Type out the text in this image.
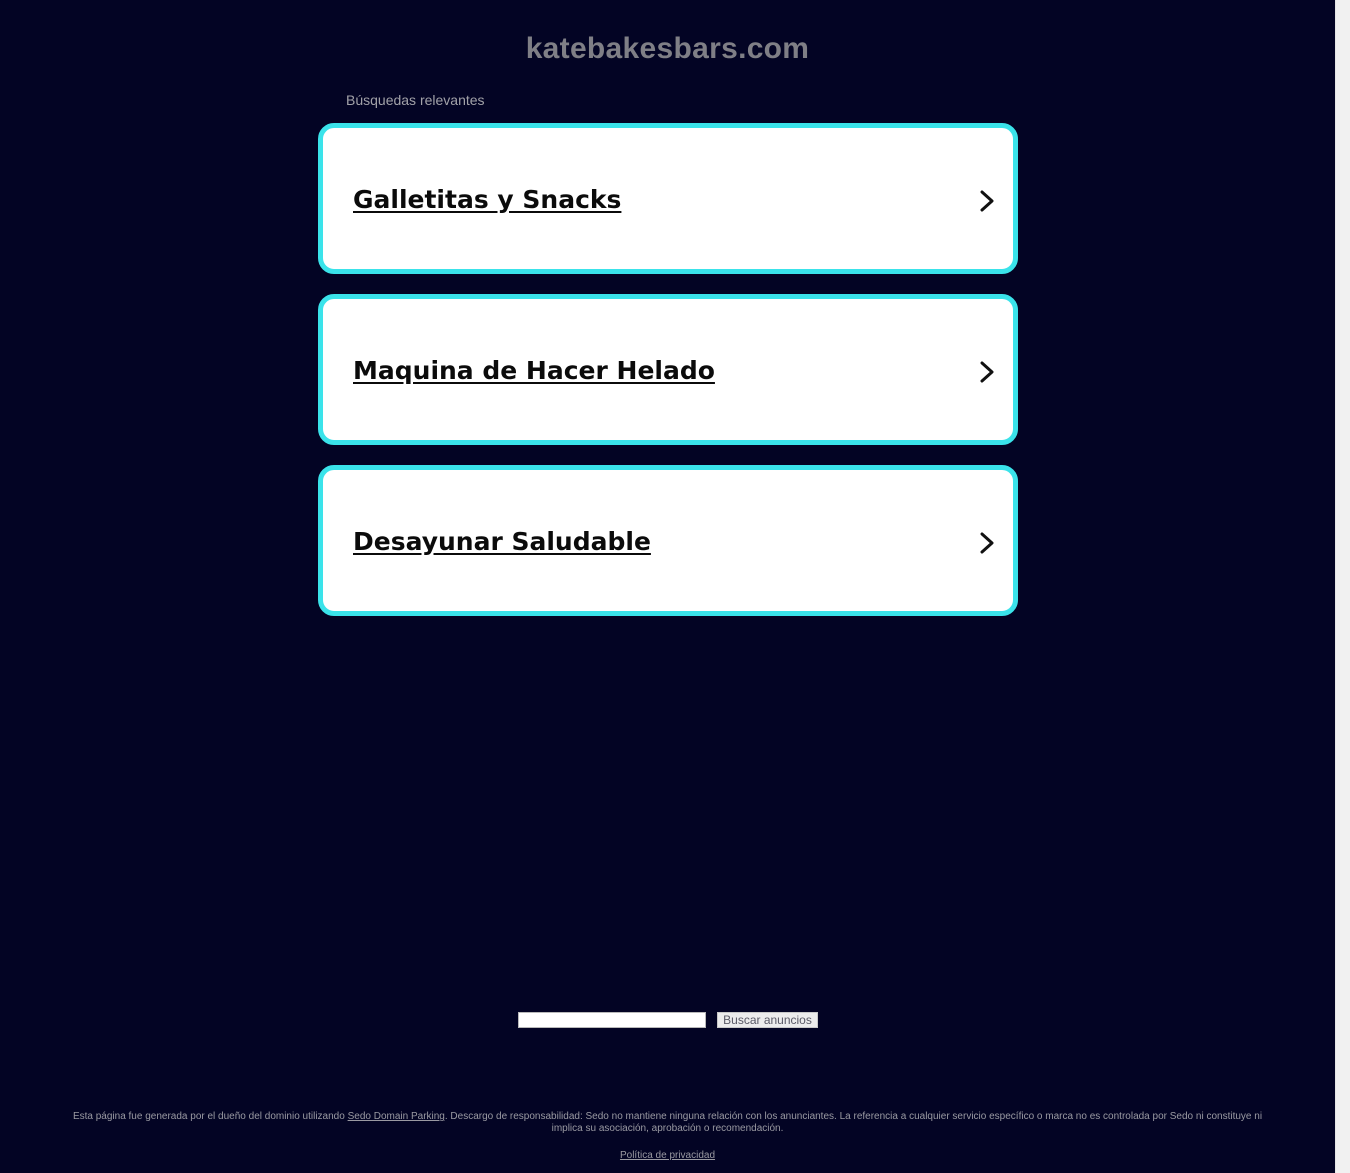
katebakesbars.com
Búsquedas relevantes
Galletitas y Snacks
Maquina de Hacer Helado
Desayunar Saludable
Buscar anuncios
Esta página fue generada por el dueño del dominio utilizando Sedo Domain Parking. Descargo de responsabilidad: Sedo no mantiene ninguna relación con los anunciantes. La referencia a cualquier servicio específico o marca no es controlada por Sedo ni constituye ni implica su asociación, aprobación o recomendación.
Política de privacidad
